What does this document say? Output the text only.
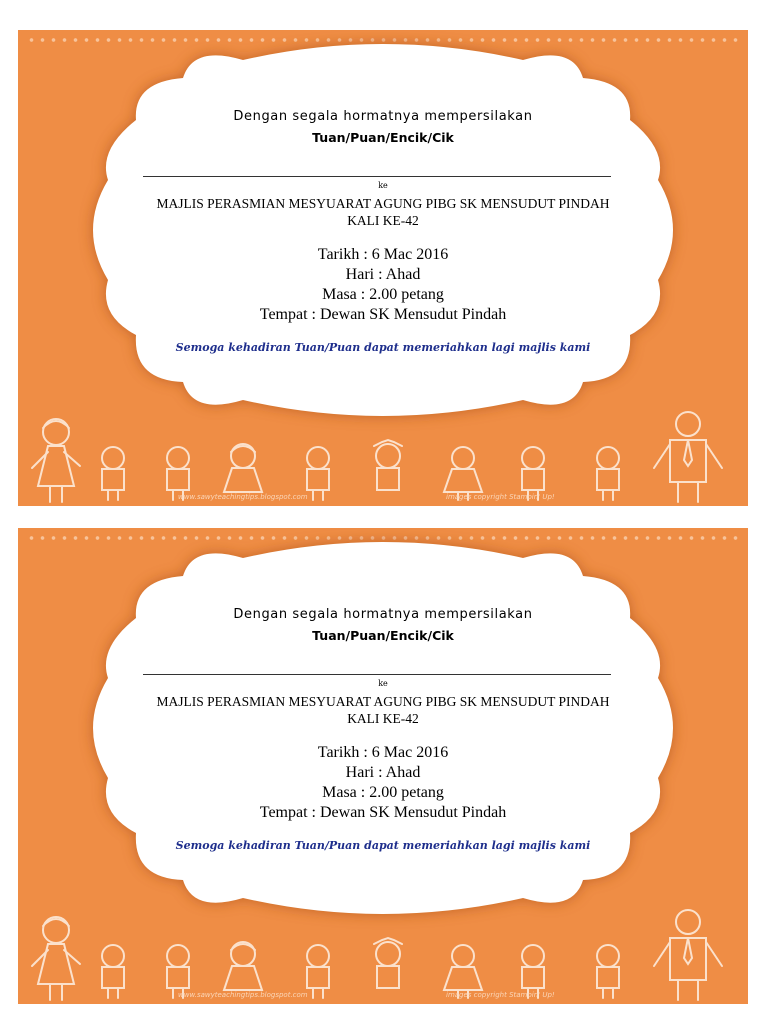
Dengan segala hormatnya mempersilakan
Tuan/Puan/Encik/Cik
ke
MAJLIS PERASMIAN MESYUARAT AGUNG PIBG SK MENSUDUT PINDAH
KALI KE-42
Tarikh : 6 Mac 2016
Hari : Ahad
Masa : 2.00 petang
Tempat : Dewan SK Mensudut Pindah
Semoga kehadiran Tuan/Puan dapat memeriahkan lagi majlis kami
www.sawyteachingtips.blogspot.com	images copyright Stampin' Up!
Dengan segala hormatnya mempersilakan
Tuan/Puan/Encik/Cik
ke
MAJLIS PERASMIAN MESYUARAT AGUNG PIBG SK MENSUDUT PINDAH
KALI KE-42
Tarikh : 6 Mac 2016
Hari : Ahad
Masa : 2.00 petang
Tempat : Dewan SK Mensudut Pindah
Semoga kehadiran Tuan/Puan dapat memeriahkan lagi majlis kami
www.sawyteachingtips.blogspot.com	images copyright Stampin' Up!
